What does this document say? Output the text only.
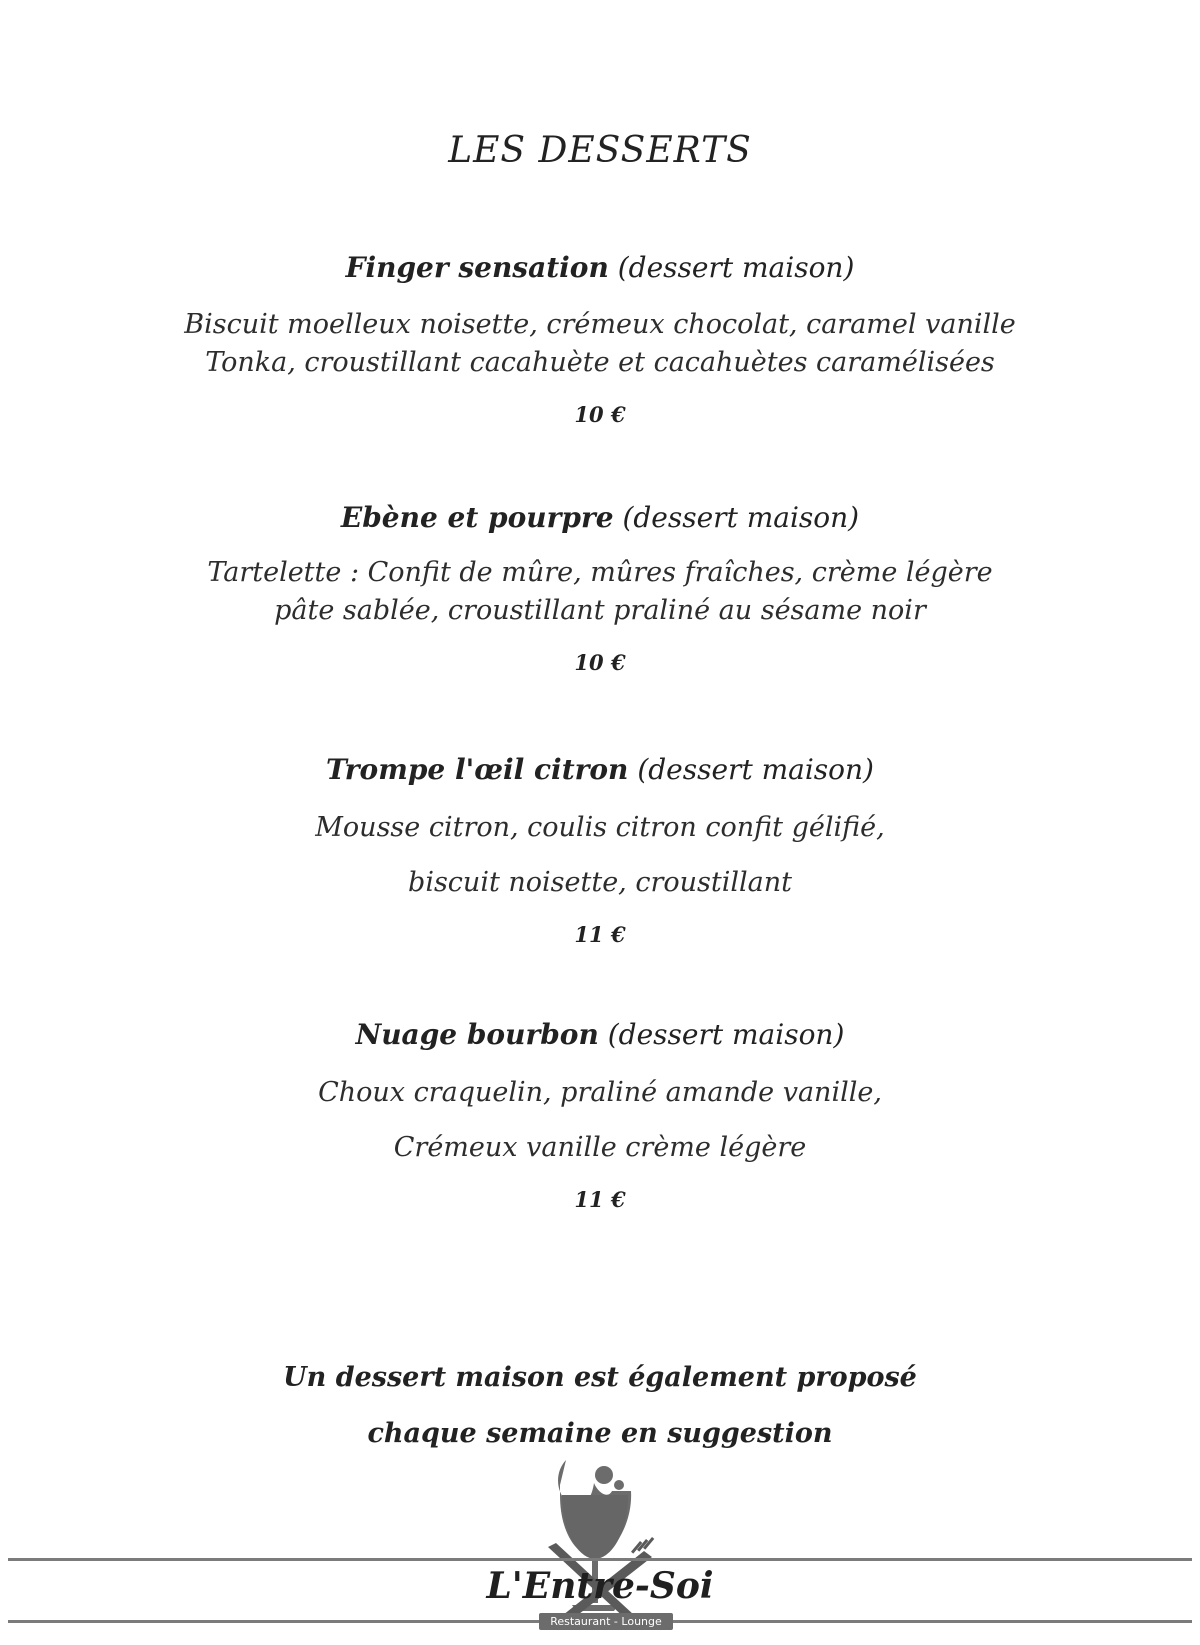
LES DESSERTS
Finger sensation (dessert maison)
Biscuit moelleux noisette, crémeux chocolat, caramel vanille
Tonka, croustillant cacahuète et cacahuètes caramélisées
10 €
Ebène et pourpre (dessert maison)
Tartelette : Confit de mûre, mûres fraîches, crème légère
pâte sablée, croustillant praliné au sésame noir
10 €
Trompe l'œil citron (dessert maison)
Mousse citron, coulis citron confit gélifié,
biscuit noisette, croustillant
11 €
Nuage bourbon (dessert maison)
Choux craquelin, praliné amande vanille,
Crémeux vanille crème légère
11 €
Un dessert maison est également proposé
chaque semaine en suggestion
L'Entre-Soi
Restaurant - Lounge
